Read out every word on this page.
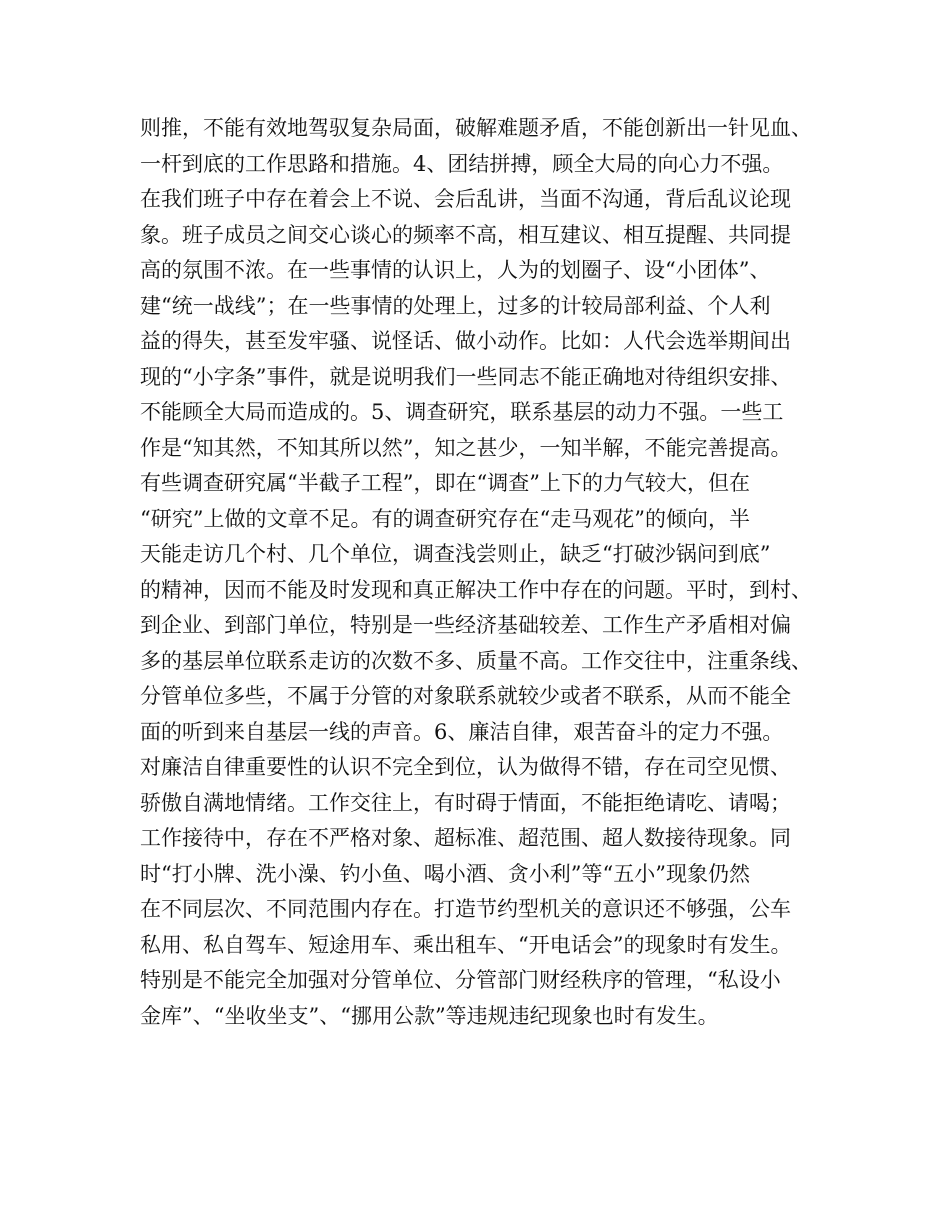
则推，不能有效地驾驭复杂局面，破解难题矛盾，不能创新出一针见血、
一杆到底的工作思路和措施。4、团结拼搏，顾全大局的向心力不强。
在我们班子中存在着会上不说、会后乱讲，当面不沟通，背后乱议论现
象。班子成员之间交心谈心的频率不高，相互建议、相互提醒、共同提
高的氛围不浓。在一些事情的认识上，人为的划圈子、设“小团体”、
建“统一战线”；在一些事情的处理上，过多的计较局部利益、个人利
益的得失，甚至发牢骚、说怪话、做小动作。比如：人代会选举期间出
现的“小字条”事件，就是说明我们一些同志不能正确地对待组织安排、
不能顾全大局而造成的。5、调查研究，联系基层的动力不强。一些工
作是“知其然，不知其所以然”，知之甚少，一知半解，不能完善提高。
有些调查研究属“半截子工程”，即在“调查”上下的力气较大，但在
“研究”上做的文章不足。有的调查研究存在“走马观花”的倾向，半
天能走访几个村、几个单位，调查浅尝则止，缺乏“打破沙锅问到底”
的精神，因而不能及时发现和真正解决工作中存在的问题。平时，到村、
到企业、到部门单位，特别是一些经济基础较差、工作生产矛盾相对偏
多的基层单位联系走访的次数不多、质量不高。工作交往中，注重条线、
分管单位多些，不属于分管的对象联系就较少或者不联系，从而不能全
面的听到来自基层一线的声音。6、廉洁自律，艰苦奋斗的定力不强。
对廉洁自律重要性的认识不完全到位，认为做得不错，存在司空见惯、
骄傲自满地情绪。工作交往上，有时碍于情面，不能拒绝请吃、请喝；
工作接待中，存在不严格对象、超标准、超范围、超人数接待现象。同
时“打小牌、洗小澡、钓小鱼、喝小酒、贪小利”等“五小”现象仍然
在不同层次、不同范围内存在。打造节约型机关的意识还不够强，公车
私用、私自驾车、短途用车、乘出租车、“开电话会”的现象时有发生。
特别是不能完全加强对分管单位、分管部门财经秩序的管理，“私设小
金库”、“坐收坐支”、“挪用公款”等违规违纪现象也时有发生。
